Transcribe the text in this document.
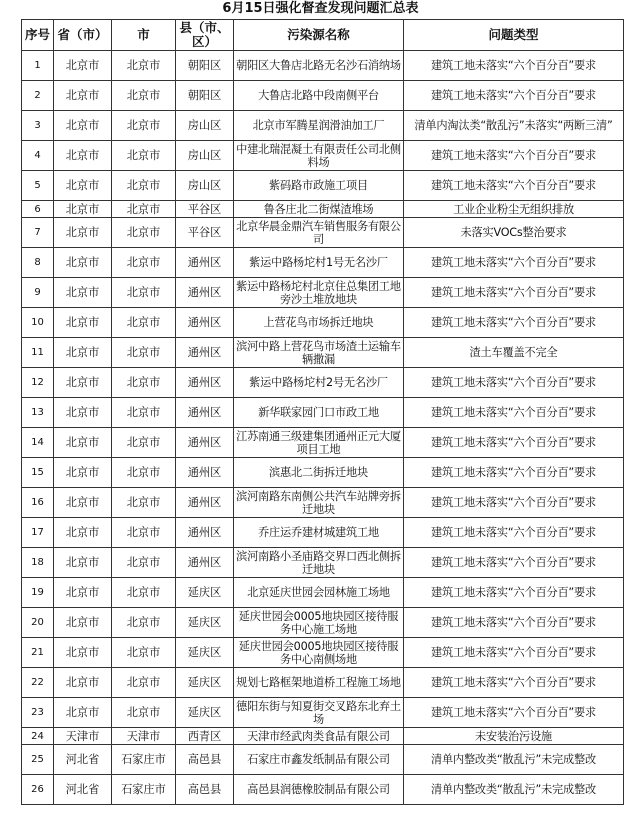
6月15日强化督查发现问题汇总表
序号	省（市）	市	县（市、区）	污染源名称	问题类型
1	北京市	北京市	朝阳区	朝阳区大鲁店北路无名沙石消纳场	建筑工地未落实“六个百分百”要求
2	北京市	北京市	朝阳区	大鲁店北路中段南侧平台	建筑工地未落实“六个百分百”要求
3	北京市	北京市	房山区	北京市军腾星润滑油加工厂	清单内淘汰类“散乱污”未落实“两断三清”
4	北京市	北京市	房山区	中建北瑞混凝土有限责任公司北侧料场	建筑工地未落实“六个百分百”要求
5	北京市	北京市	房山区	紫码路市政施工项目	建筑工地未落实“六个百分百”要求
6	北京市	北京市	平谷区	鲁各庄北二街煤渣堆场	工业企业粉尘无组织排放
7	北京市	北京市	平谷区	北京华晨金鼎汽车销售服务有限公司	未落实VOCs整治要求
8	北京市	北京市	通州区	紫运中路杨坨村1号无名沙厂	建筑工地未落实“六个百分百”要求
9	北京市	北京市	通州区	紫运中路杨坨村北京住总集团工地旁沙土堆放地块	建筑工地未落实“六个百分百”要求
10	北京市	北京市	通州区	上营花鸟市场拆迁地块	建筑工地未落实“六个百分百”要求
11	北京市	北京市	通州区	滨河中路上营花鸟市场渣土运输车辆撒漏	渣土车覆盖不完全
12	北京市	北京市	通州区	紫运中路杨坨村2号无名沙厂	建筑工地未落实“六个百分百”要求
13	北京市	北京市	通州区	新华联家园门口市政工地	建筑工地未落实“六个百分百”要求
14	北京市	北京市	通州区	江苏南通三级建集团通州正元大厦项目工地	建筑工地未落实“六个百分百”要求
15	北京市	北京市	通州区	滨惠北二街拆迁地块	建筑工地未落实“六个百分百”要求
16	北京市	北京市	通州区	滨河南路东南侧公共汽车站牌旁拆迁地块	建筑工地未落实“六个百分百”要求
17	北京市	北京市	通州区	乔庄运乔建材城建筑工地	建筑工地未落实“六个百分百”要求
18	北京市	北京市	通州区	滨河南路小圣庙路交界口西北侧拆迁地块	建筑工地未落实“六个百分百”要求
19	北京市	北京市	延庆区	北京延庆世园会园林施工场地	建筑工地未落实“六个百分百”要求
20	北京市	北京市	延庆区	延庆世园会0005地块园区接待服务中心施工场地	建筑工地未落实“六个百分百”要求
21	北京市	北京市	延庆区	延庆世园会0005地块园区接待服务中心南侧场地	建筑工地未落实“六个百分百”要求
22	北京市	北京市	延庆区	规划七路框架地道桥工程施工场地	建筑工地未落实“六个百分百”要求
23	北京市	北京市	延庆区	德阳东街与知夏街交叉路东北弃土场	建筑工地未落实“六个百分百”要求
24	天津市	天津市	西青区	天津市经武肉类食品有限公司	未安装治污设施
25	河北省	石家庄市	高邑县	石家庄市鑫发纸制品有限公司	清单内整改类“散乱污”未完成整改
26	河北省	石家庄市	高邑县	高邑县润德橡胶制品有限公司	清单内整改类“散乱污”未完成整改
